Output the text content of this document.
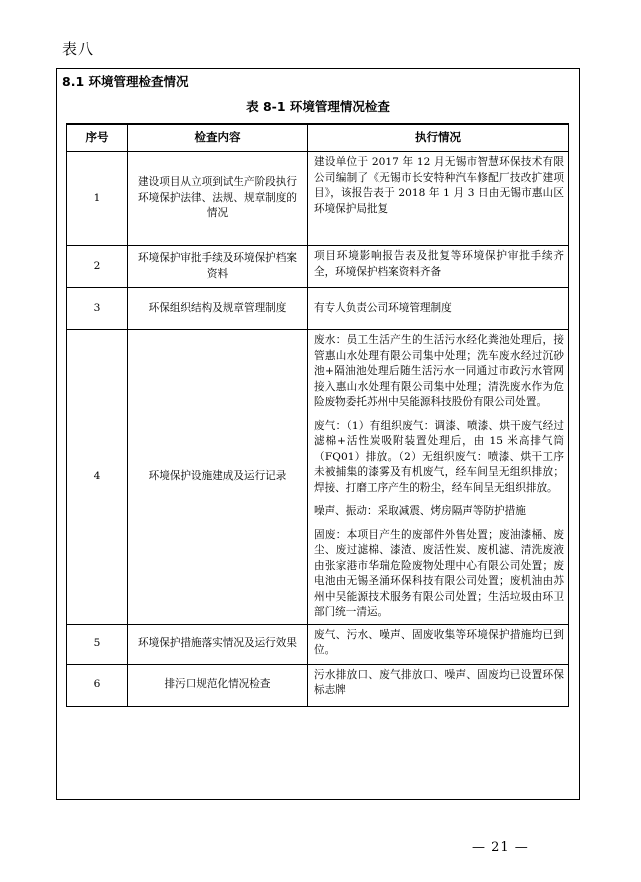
表八
8.1 环境管理检查情况
表 8-1 环境管理情况检查
序号	检查内容	执行情况
1	建设项目从立项到试生产阶段执行环境保护法律、法规、规章制度的情况	建设单位于 2017 年 12 月无锡市智慧环保技术有限公司编制了《无锡市长安特种汽车修配厂技改扩建项目》，该报告表于 2018 年 1 月 3 日由无锡市惠山区环境保护局批复

2	环境保护审批手续及环境保护档案资料	项目环境影响报告表及批复等环境保护审批手续齐全，环境保护档案资料齐备

3	环保组织结构及规章管理制度	有专人负责公司环境管理制度

4	环境保护设施建成及运行记录	废水：员工生活产生的生活污水经化粪池处理后，接管惠山水处理有限公司集中处理；洗车废水经过沉砂池+隔油池处理后随生活污水一同通过市政污水管网接入惠山水处理有限公司集中处理；清洗废水作为危险废物委托苏州中吴能源科技股份有限公司处置。

废气：（1）有组织废气：调漆、喷漆、烘干废气经过滤棉+活性炭吸附装置处理后，由 15 米高排气筒（FQ01）排放。（2）无组织废气：喷漆、烘干工序未被捕集的漆雾及有机废气，经车间呈无组织排放；焊接、打磨工序产生的粉尘，经车间呈无组织排放。

噪声、振动：采取减震、烤房隔声等防护措施

固废：本项目产生的废部件外售处置；废油漆桶、废尘、废过滤棉、漆渣、废活性炭、废机滤、清洗废液由张家港市华瑞危险废物处理中心有限公司处置；废电池由无锡圣涌环保科技有限公司处置；废机油由苏州中吴能源技术服务有限公司处置；生活垃圾由环卫部门统一清运。

5	环境保护措施落实情况及运行效果	废气、污水、噪声、固废收集等环境保护措施均已到位。

6	排污口规范化情况检查	污水排放口、废气排放口、噪声、固废均已设置环保标志牌

— 21 —
